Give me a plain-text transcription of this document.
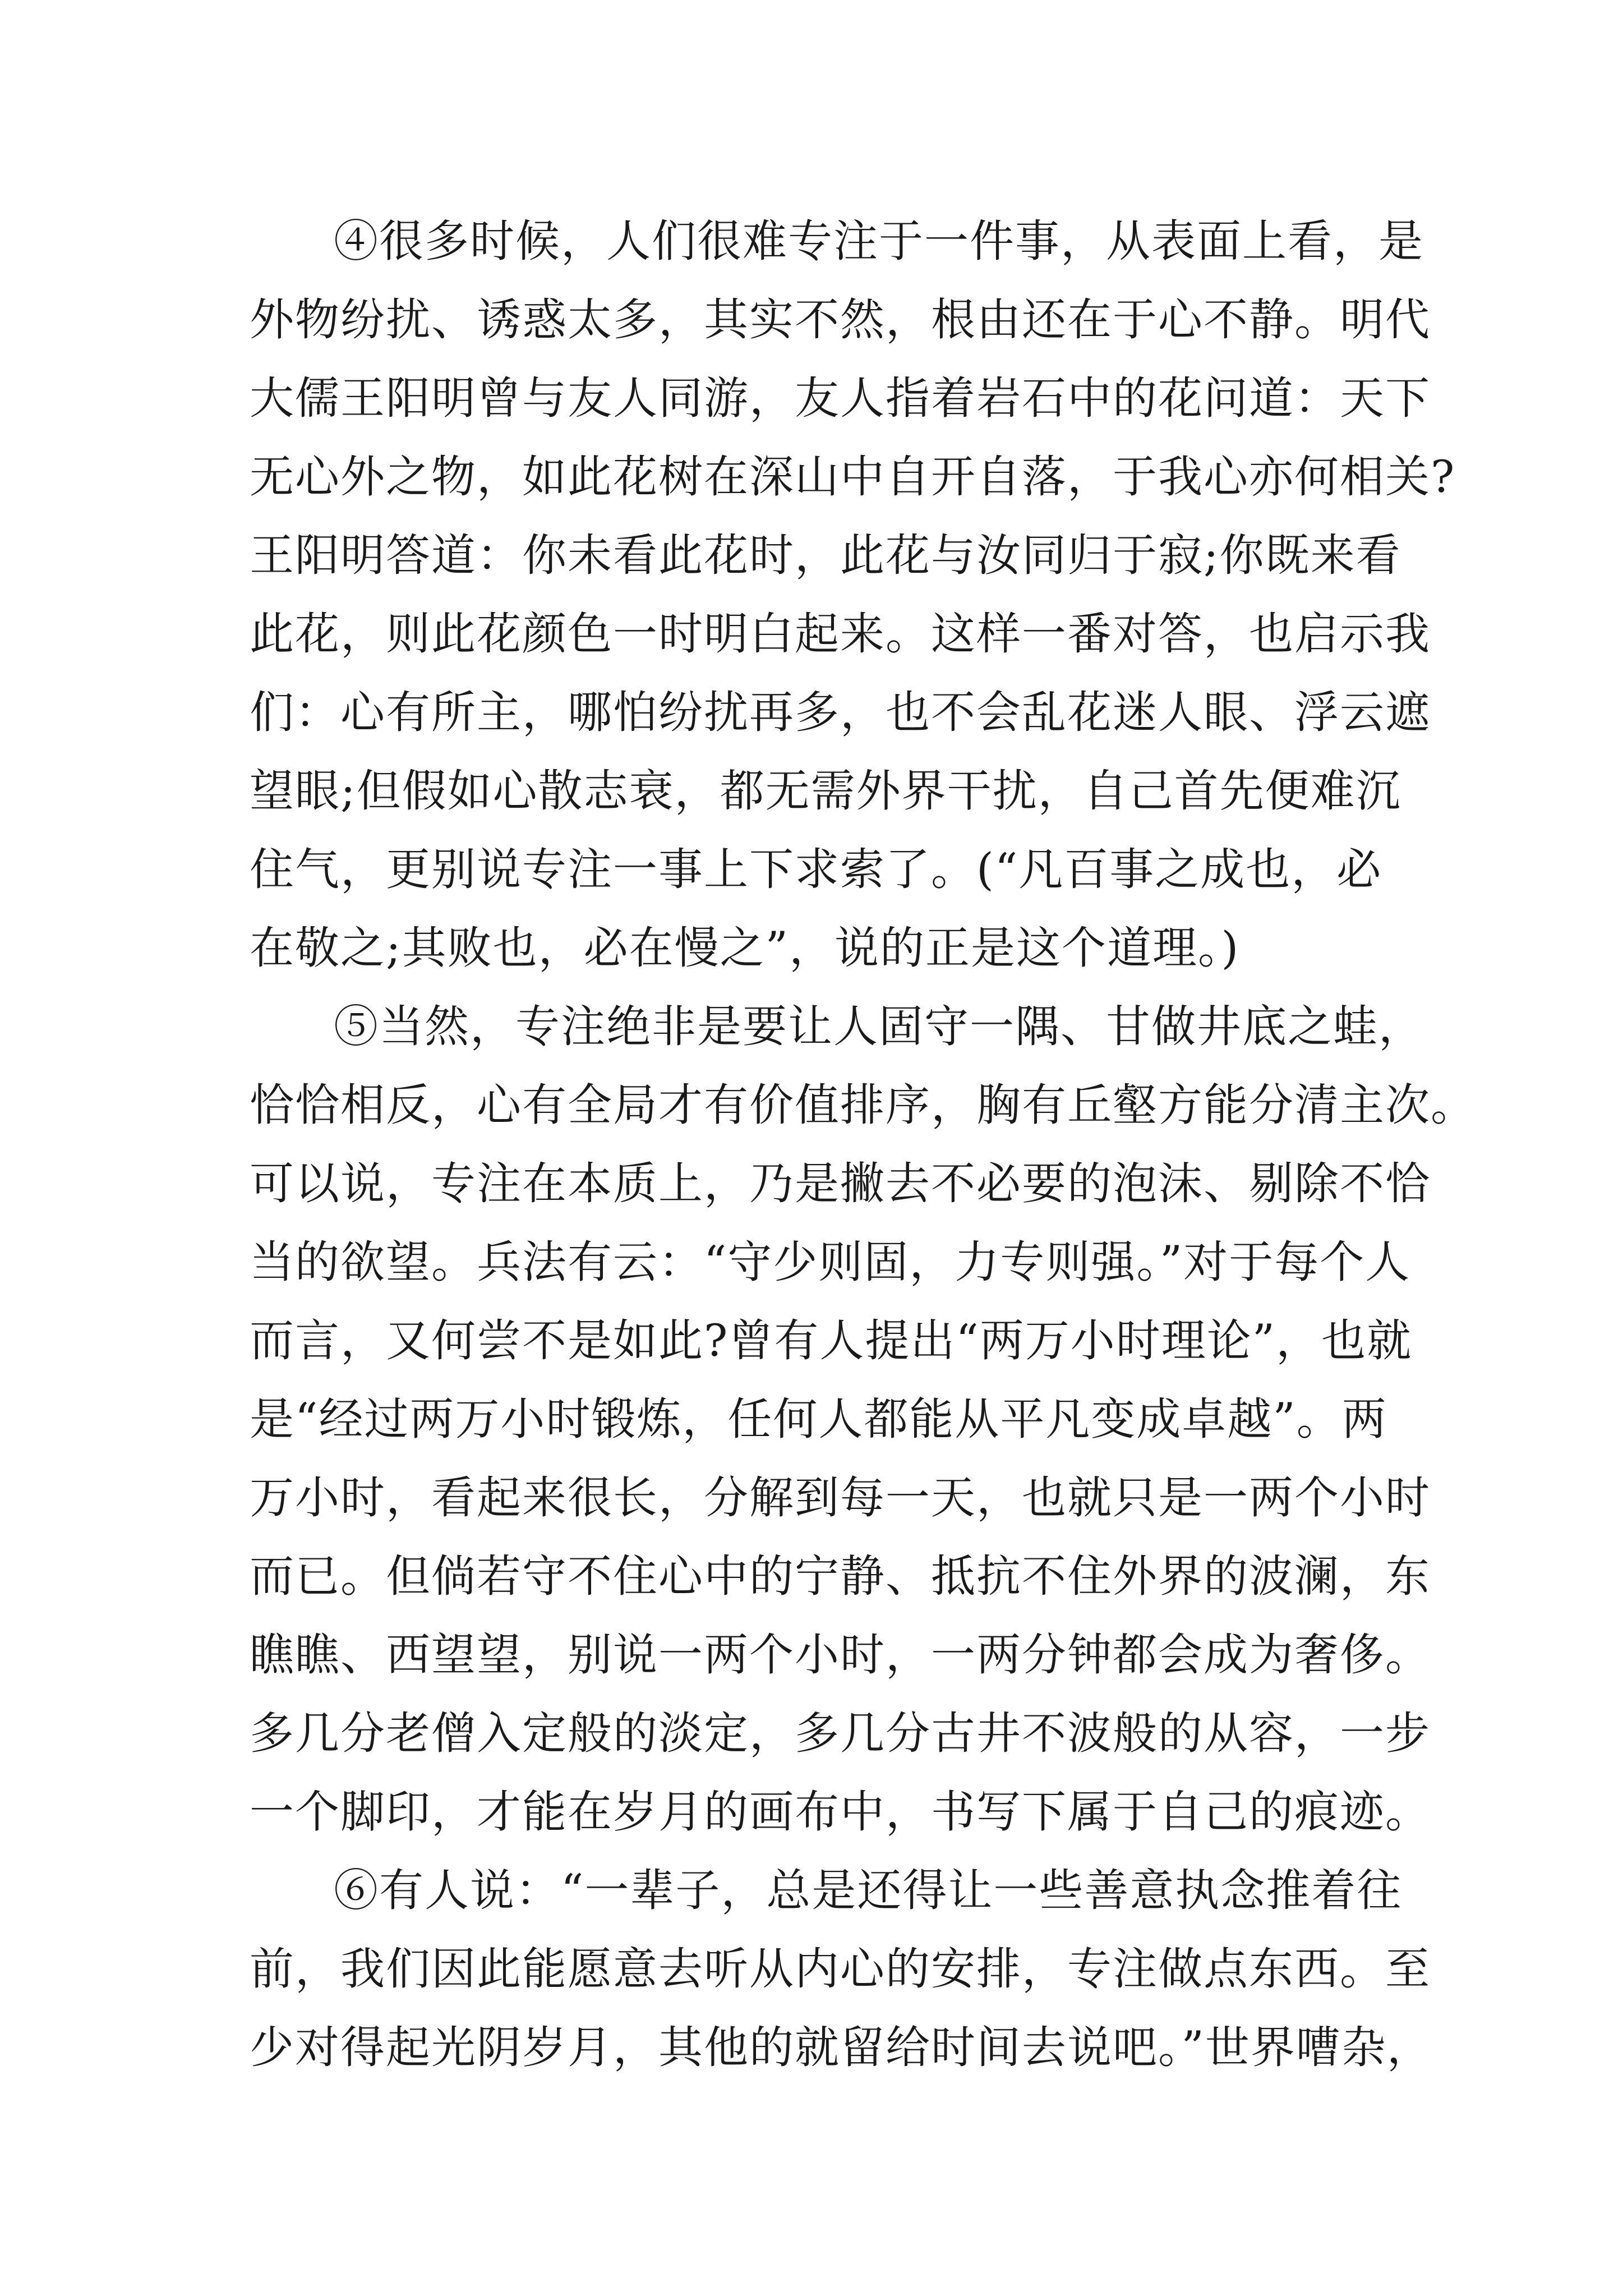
④很多时候，人们很难专注于一件事，从表面上看，是
外物纷扰、诱惑太多，其实不然，根由还在于心不静。明代
大儒王阳明曾与友人同游，友人指着岩石中的花问道：天下
无心外之物，如此花树在深山中自开自落，于我心亦何相关?
王阳明答道：你未看此花时，此花与汝同归于寂;你既来看
此花，则此花颜色一时明白起来。这样一番对答，也启示我
们：心有所主，哪怕纷扰再多，也不会乱花迷人眼、浮云遮
望眼;但假如心散志衰，都无需外界干扰，自己首先便难沉
住气，更别说专注一事上下求索了。(“凡百事之成也，必
在敬之;其败也，必在慢之”，说的正是这个道理。)
⑤当然，专注绝非是要让人固守一隅、甘做井底之蛙，
恰恰相反，心有全局才有价值排序，胸有丘壑方能分清主次。
可以说，专注在本质上，乃是撇去不必要的泡沫、剔除不恰
当的欲望。兵法有云：“守少则固，力专则强。”对于每个人
而言，又何尝不是如此?曾有人提出“两万小时理论”，也就
是“经过两万小时锻炼，任何人都能从平凡变成卓越”。两
万小时，看起来很长，分解到每一天，也就只是一两个小时
而已。但倘若守不住心中的宁静、抵抗不住外界的波澜，东
瞧瞧、西望望，别说一两个小时，一两分钟都会成为奢侈。
多几分老僧入定般的淡定，多几分古井不波般的从容，一步
一个脚印，才能在岁月的画布中，书写下属于自己的痕迹。
⑥有人说：“一辈子，总是还得让一些善意执念推着往
前，我们因此能愿意去听从内心的安排，专注做点东西。至
少对得起光阴岁月，其他的就留给时间去说吧。”世界嘈杂，
